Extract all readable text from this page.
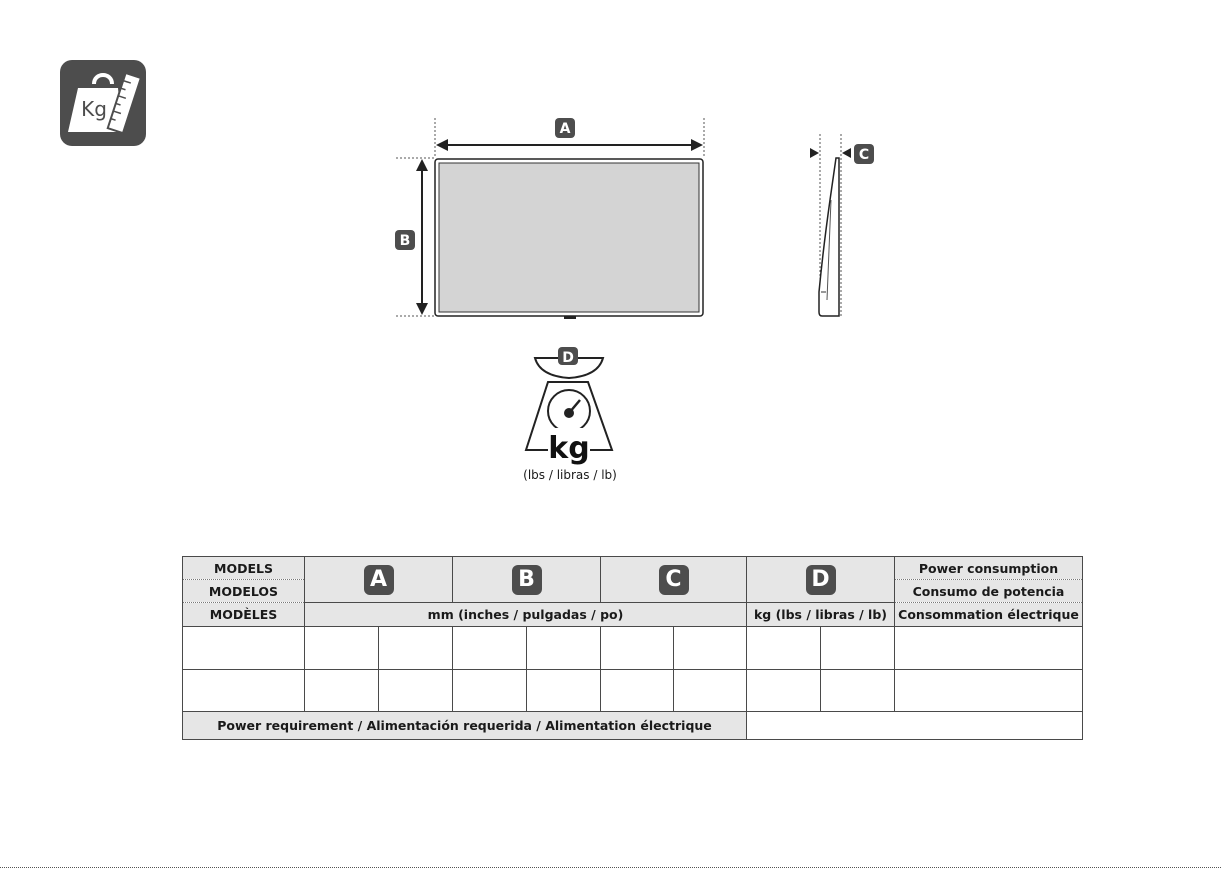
Kg
A
B
C
D
kg
(lbs / libras / lb)
MODELS	A		B		C		D		Power consumption
MODELOS									Consumo de potencia
MODÈLES	mm (inches / pulgadas / po)						kg (lbs / libras / lb)		Consommation électrique

Power requirement / Alimentación requerida / Alimentation électrique									
